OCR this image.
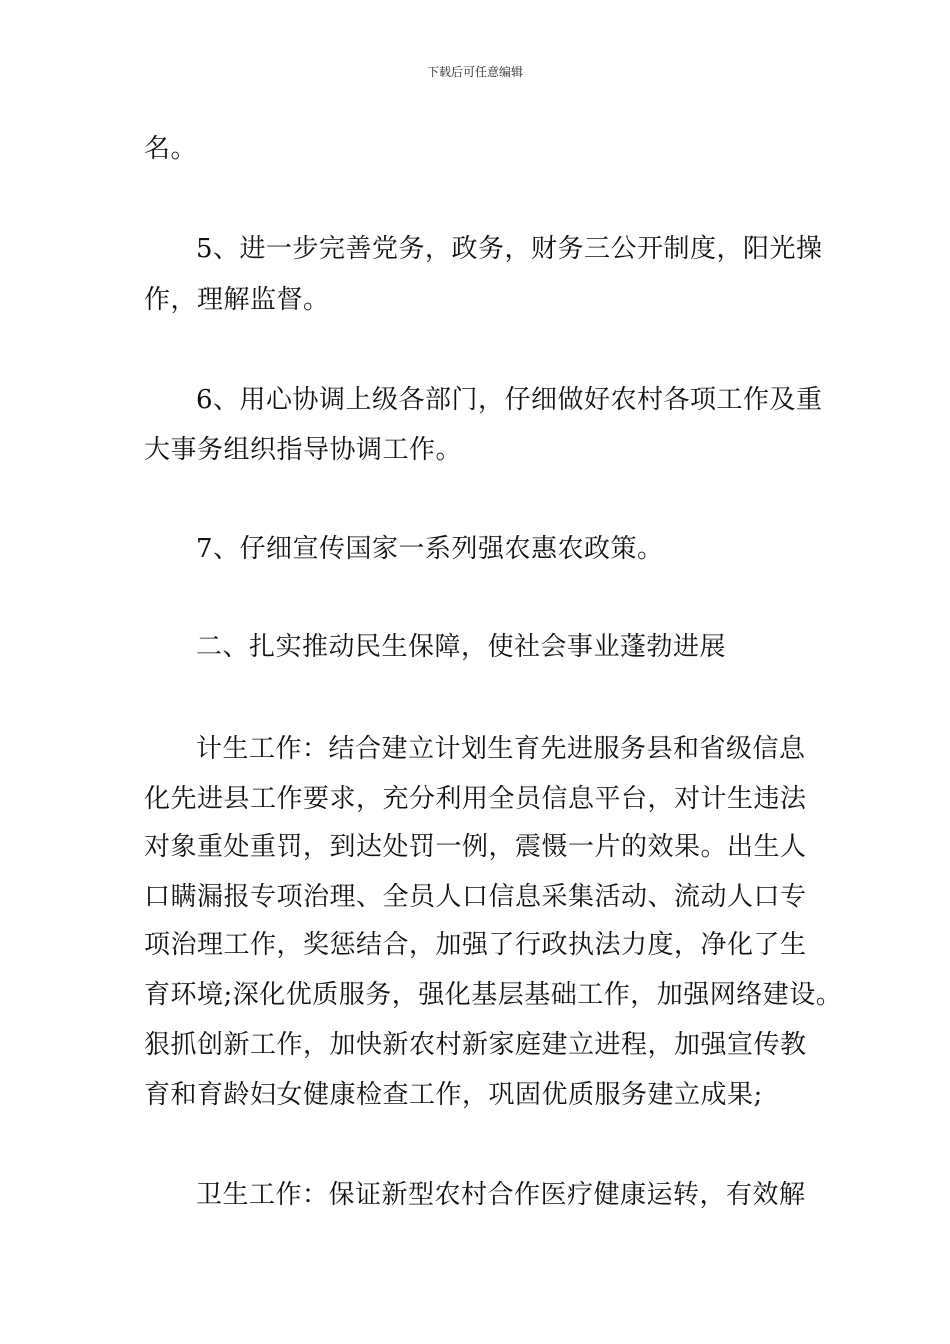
下载后可任意编辑
名。
5、进一步完善党务，政务，财务三公开制度，阳光操
作，理解监督。
6、用心协调上级各部门，仔细做好农村各项工作及重
大事务组织指导协调工作。
7、仔细宣传国家一系列强农惠农政策。
二、扎实推动民生保障，使社会事业蓬勃进展
计生工作：结合建立计划生育先进服务县和省级信息
化先进县工作要求，充分利用全员信息平台，对计生违法
对象重处重罚，到达处罚一例，震慑一片的效果。出生人
口瞒漏报专项治理、全员人口信息采集活动、流动人口专
项治理工作，奖惩结合，加强了行政执法力度，净化了生
育环境;深化优质服务，强化基层基础工作，加强网络建设。
狠抓创新工作，加快新农村新家庭建立进程，加强宣传教
育和育龄妇女健康检查工作，巩固优质服务建立成果;
卫生工作：保证新型农村合作医疗健康运转，有效解
